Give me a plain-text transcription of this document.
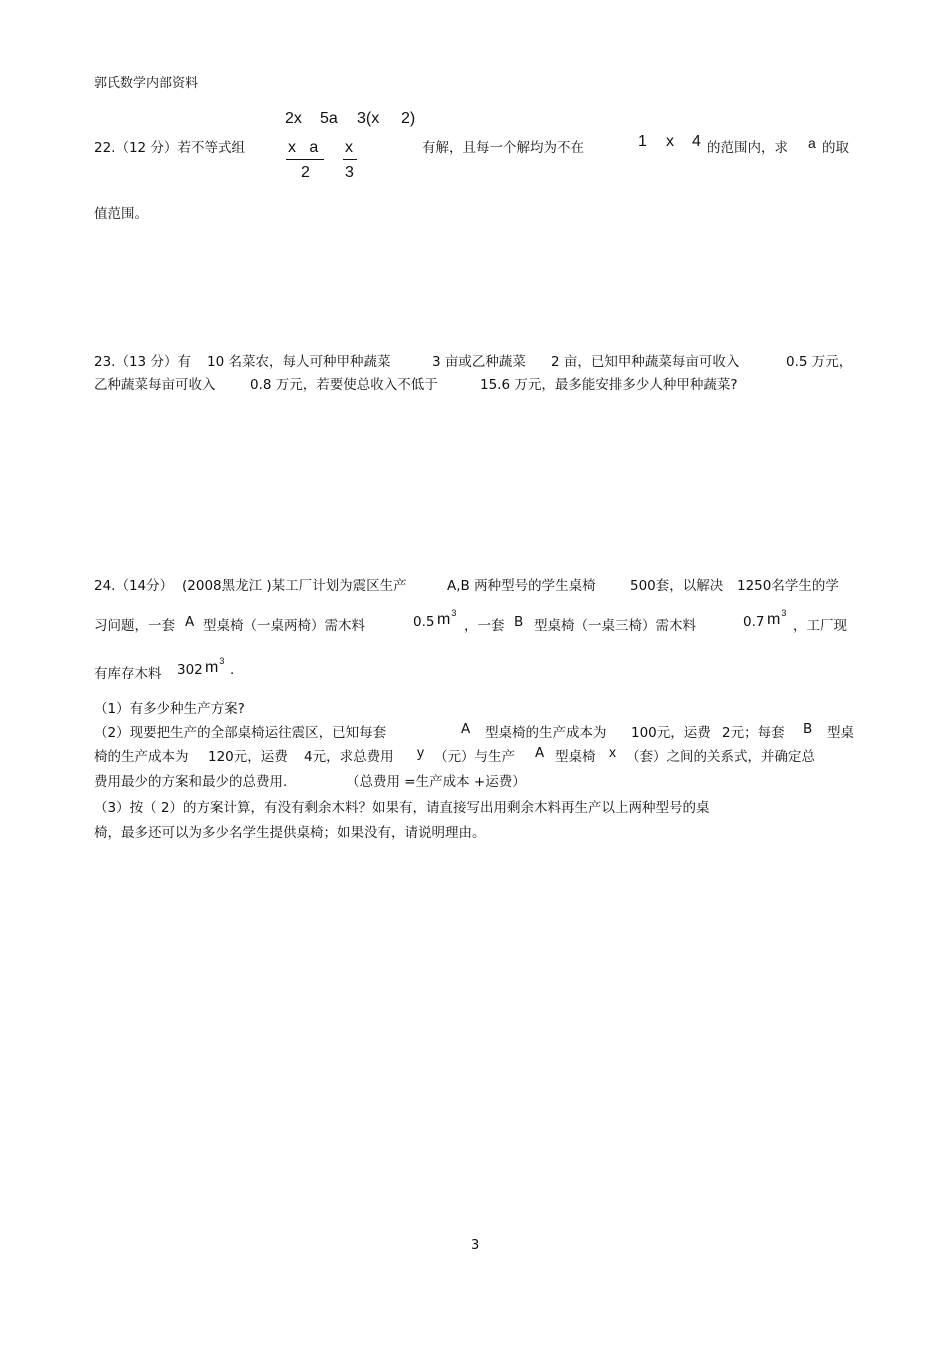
郭氏数学内部资料
22.（12 分）若不等式组
2x 5a 3(x 2)
x   a
2
x
3
有解，且每一个解均为不在	1 x 4 的范围内，求 a 的取
值范围。
23.（13 分）有 10 名菜农，每人可种甲种蔬菜	3 亩或乙种蔬菜 2 亩，已知甲种蔬菜每亩可收入	0.5 万元，
乙种蔬菜每亩可收入	0.8 万元，若要使总收入不低于	15.6 万元，最多能安排多少人种甲种蔬菜?
24.（14分） (2008黑龙江 )某工厂计划为震区生产	A,B 两种型号的学生桌椅	500套，以解决 1250名学生的学
习问题，一套 A 型桌椅（一桌两椅）需木料	0.5 $m^3$
，一套 B 型桌椅（一桌三椅）需木料	0.7 $m^3$
，工厂现
有库存木料 302 $m^3$
.
（1）有多少种生产方案?
（2）现要把生产的全部桌椅运往震区，已知每套	A 型桌椅的生产成本为 100元，运费 2元；每套 B 型桌
椅的生产成本为 120元，运费 4元，求总费用 y （元）与生产 A 型桌椅 x （套）之间的关系式，并确定总
费用最少的方案和最少的总费用.	（总费用 =生产成本 +运费）
（3）按（ 2）的方案计算，有没有剩余木料？如果有，请直接写出用剩余木料再生产以上两种型号的桌
椅，最多还可以为多少名学生提供桌椅；如果没有，请说明理由。
3
